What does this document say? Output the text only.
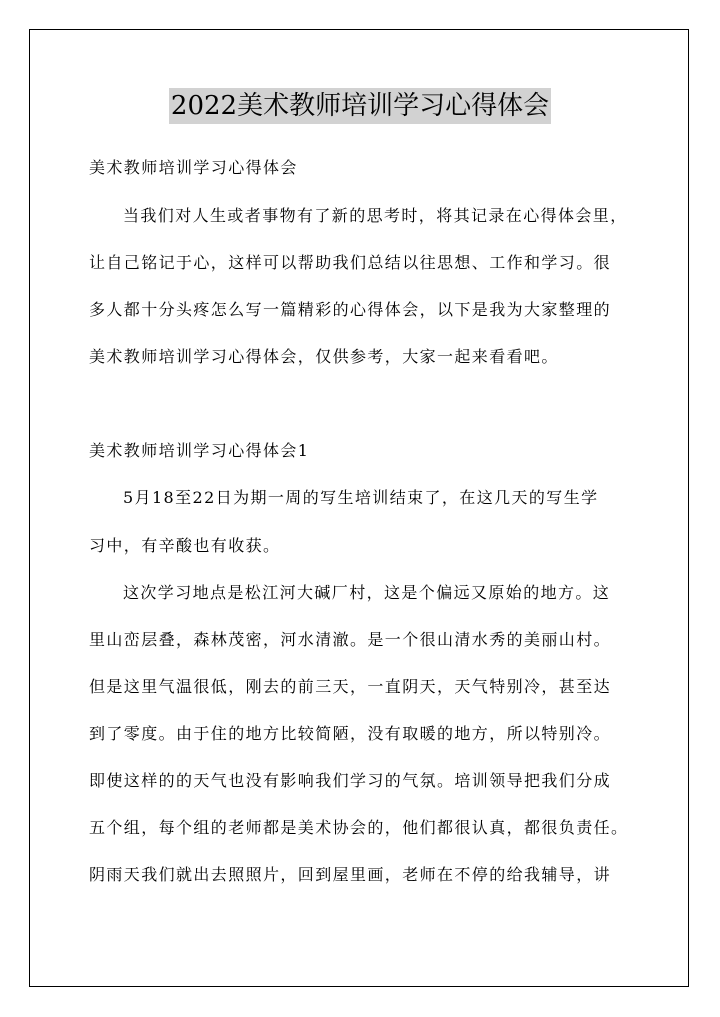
2022美术教师培训学习心得体会
美术教师培训学习心得体会
当我们对人生或者事物有了新的思考时，将其记录在心得体会里，
让自己铭记于心，这样可以帮助我们总结以往思想、工作和学习。很
多人都十分头疼怎么写一篇精彩的心得体会，以下是我为大家整理的
美术教师培训学习心得体会，仅供参考，大家一起来看看吧。
美术教师培训学习心得体会1
5月18至22日为期一周的写生培训结束了，在这几天的写生学
习中，有辛酸也有收获。
这次学习地点是松江河大碱厂村，这是个偏远又原始的地方。这
里山峦层叠，森林茂密，河水清澈。是一个很山清水秀的美丽山村。
但是这里气温很低，刚去的前三天，一直阴天，天气特别冷，甚至达
到了零度。由于住的地方比较简陋，没有取暖的地方，所以特别冷。
即使这样的的天气也没有影响我们学习的气氛。培训领导把我们分成
五个组，每个组的老师都是美术协会的，他们都很认真，都很负责任。
阴雨天我们就出去照照片，回到屋里画，老师在不停的给我辅导，讲
